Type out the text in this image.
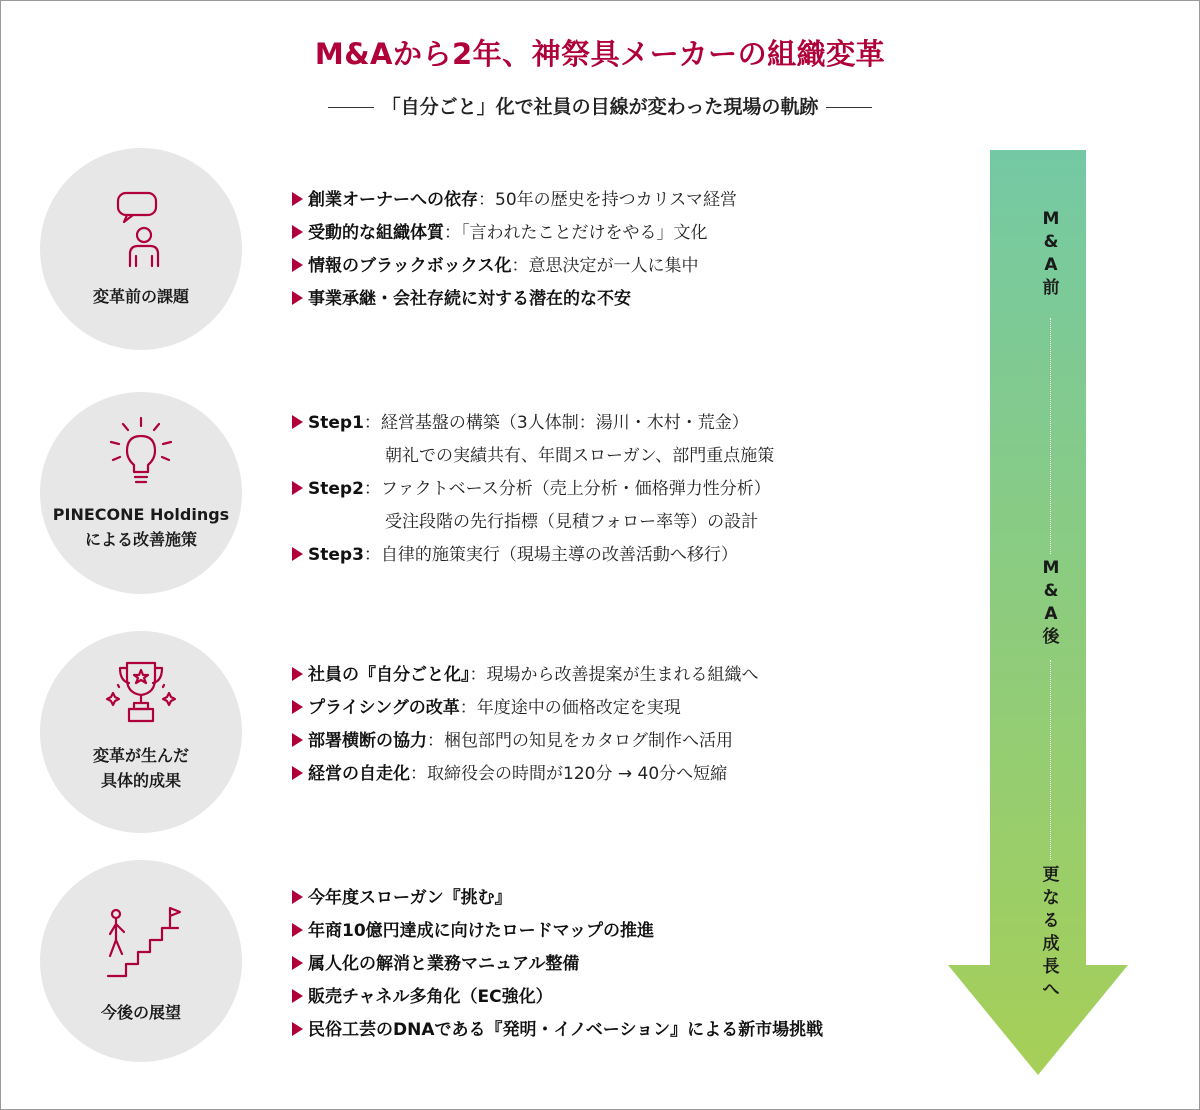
M&Aから2年、神祭具メーカーの組織変革
「自分ごと」化で社員の目線が変わった現場の軌跡
変革前の課題
PINECONE Holdings
による改善施策
変革が生んだ
具体的成果
今後の展望
創業オーナーへの依存：50年の歴史を持つカリスマ経営
受動的な組織体質：「言われたことだけをやる」文化
情報のブラックボックス化：意思決定が一人に集中
事業承継・会社存続に対する潜在的な不安
Step1：経営基盤の構築（3人体制：湯川・木村・荒金）
朝礼での実績共有、年間スローガン、部門重点施策
Step2：ファクトベース分析（売上分析・価格弾力性分析）
受注段階の先行指標（見積フォロー率等）の設計
Step3：自律的施策実行（現場主導の改善活動へ移行）
社員の『自分ごと化』：現場から改善提案が生まれる組織へ
プライシングの改革：年度途中の価格改定を実現
部署横断の協力：梱包部門の知見をカタログ制作へ活用
経営の自走化：取締役会の時間が120分 → 40分へ短縮
今年度スローガン『挑む』
年商10億円達成に向けたロードマップの推進
属人化の解消と業務マニュアル整備
販売チャネル多角化（EC強化）
民俗工芸のDNAである『発明・イノベーション』による新市場挑戦
M
&
A
前
M
&
A
後
更
な
る
成
長
へ
